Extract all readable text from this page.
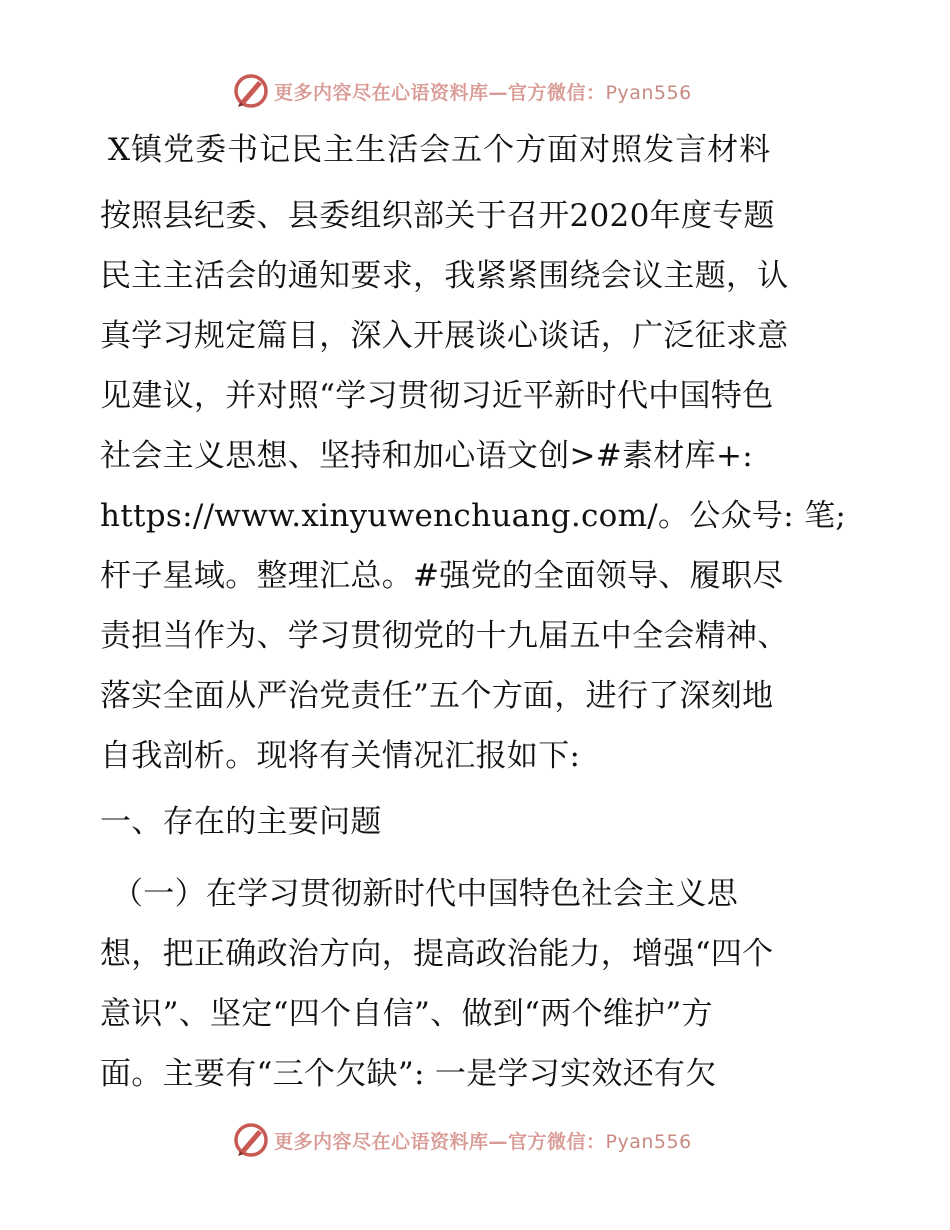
更多内容尽在心语资料库—官方微信：Pyan556
X镇党委书记民主生活会五个方面对照发言材料
按照县纪委、县委组织部关于召开2020年度专题
民主主活会的通知要求，我紧紧围绕会议主题，认
真学习规定篇目，深入开展谈心谈话，广泛征求意
见建议，并对照“学习贯彻习近平新时代中国特色
社会主义思想、坚持和加心语文创>#素材库+:
https://www.xinyuwenchuang.com/。公众号: 笔;
杆子星域。整理汇总。#强党的全面领导、履职尽
责担当作为、学习贯彻党的十九届五中全会精神、
落实全面从严治党责任”五个方面，进行了深刻地
自我剖析。现将有关情况汇报如下:
一、存在的主要问题
（一）在学习贯彻新时代中国特色社会主义思
想，把正确政治方向，提高政治能力，增强“四个
意识”、坚定“四个自信”、做到“两个维护”方
面。主要有“三个欠缺”: 一是学习实效还有欠
更多内容尽在心语资料库—官方微信：Pyan556
